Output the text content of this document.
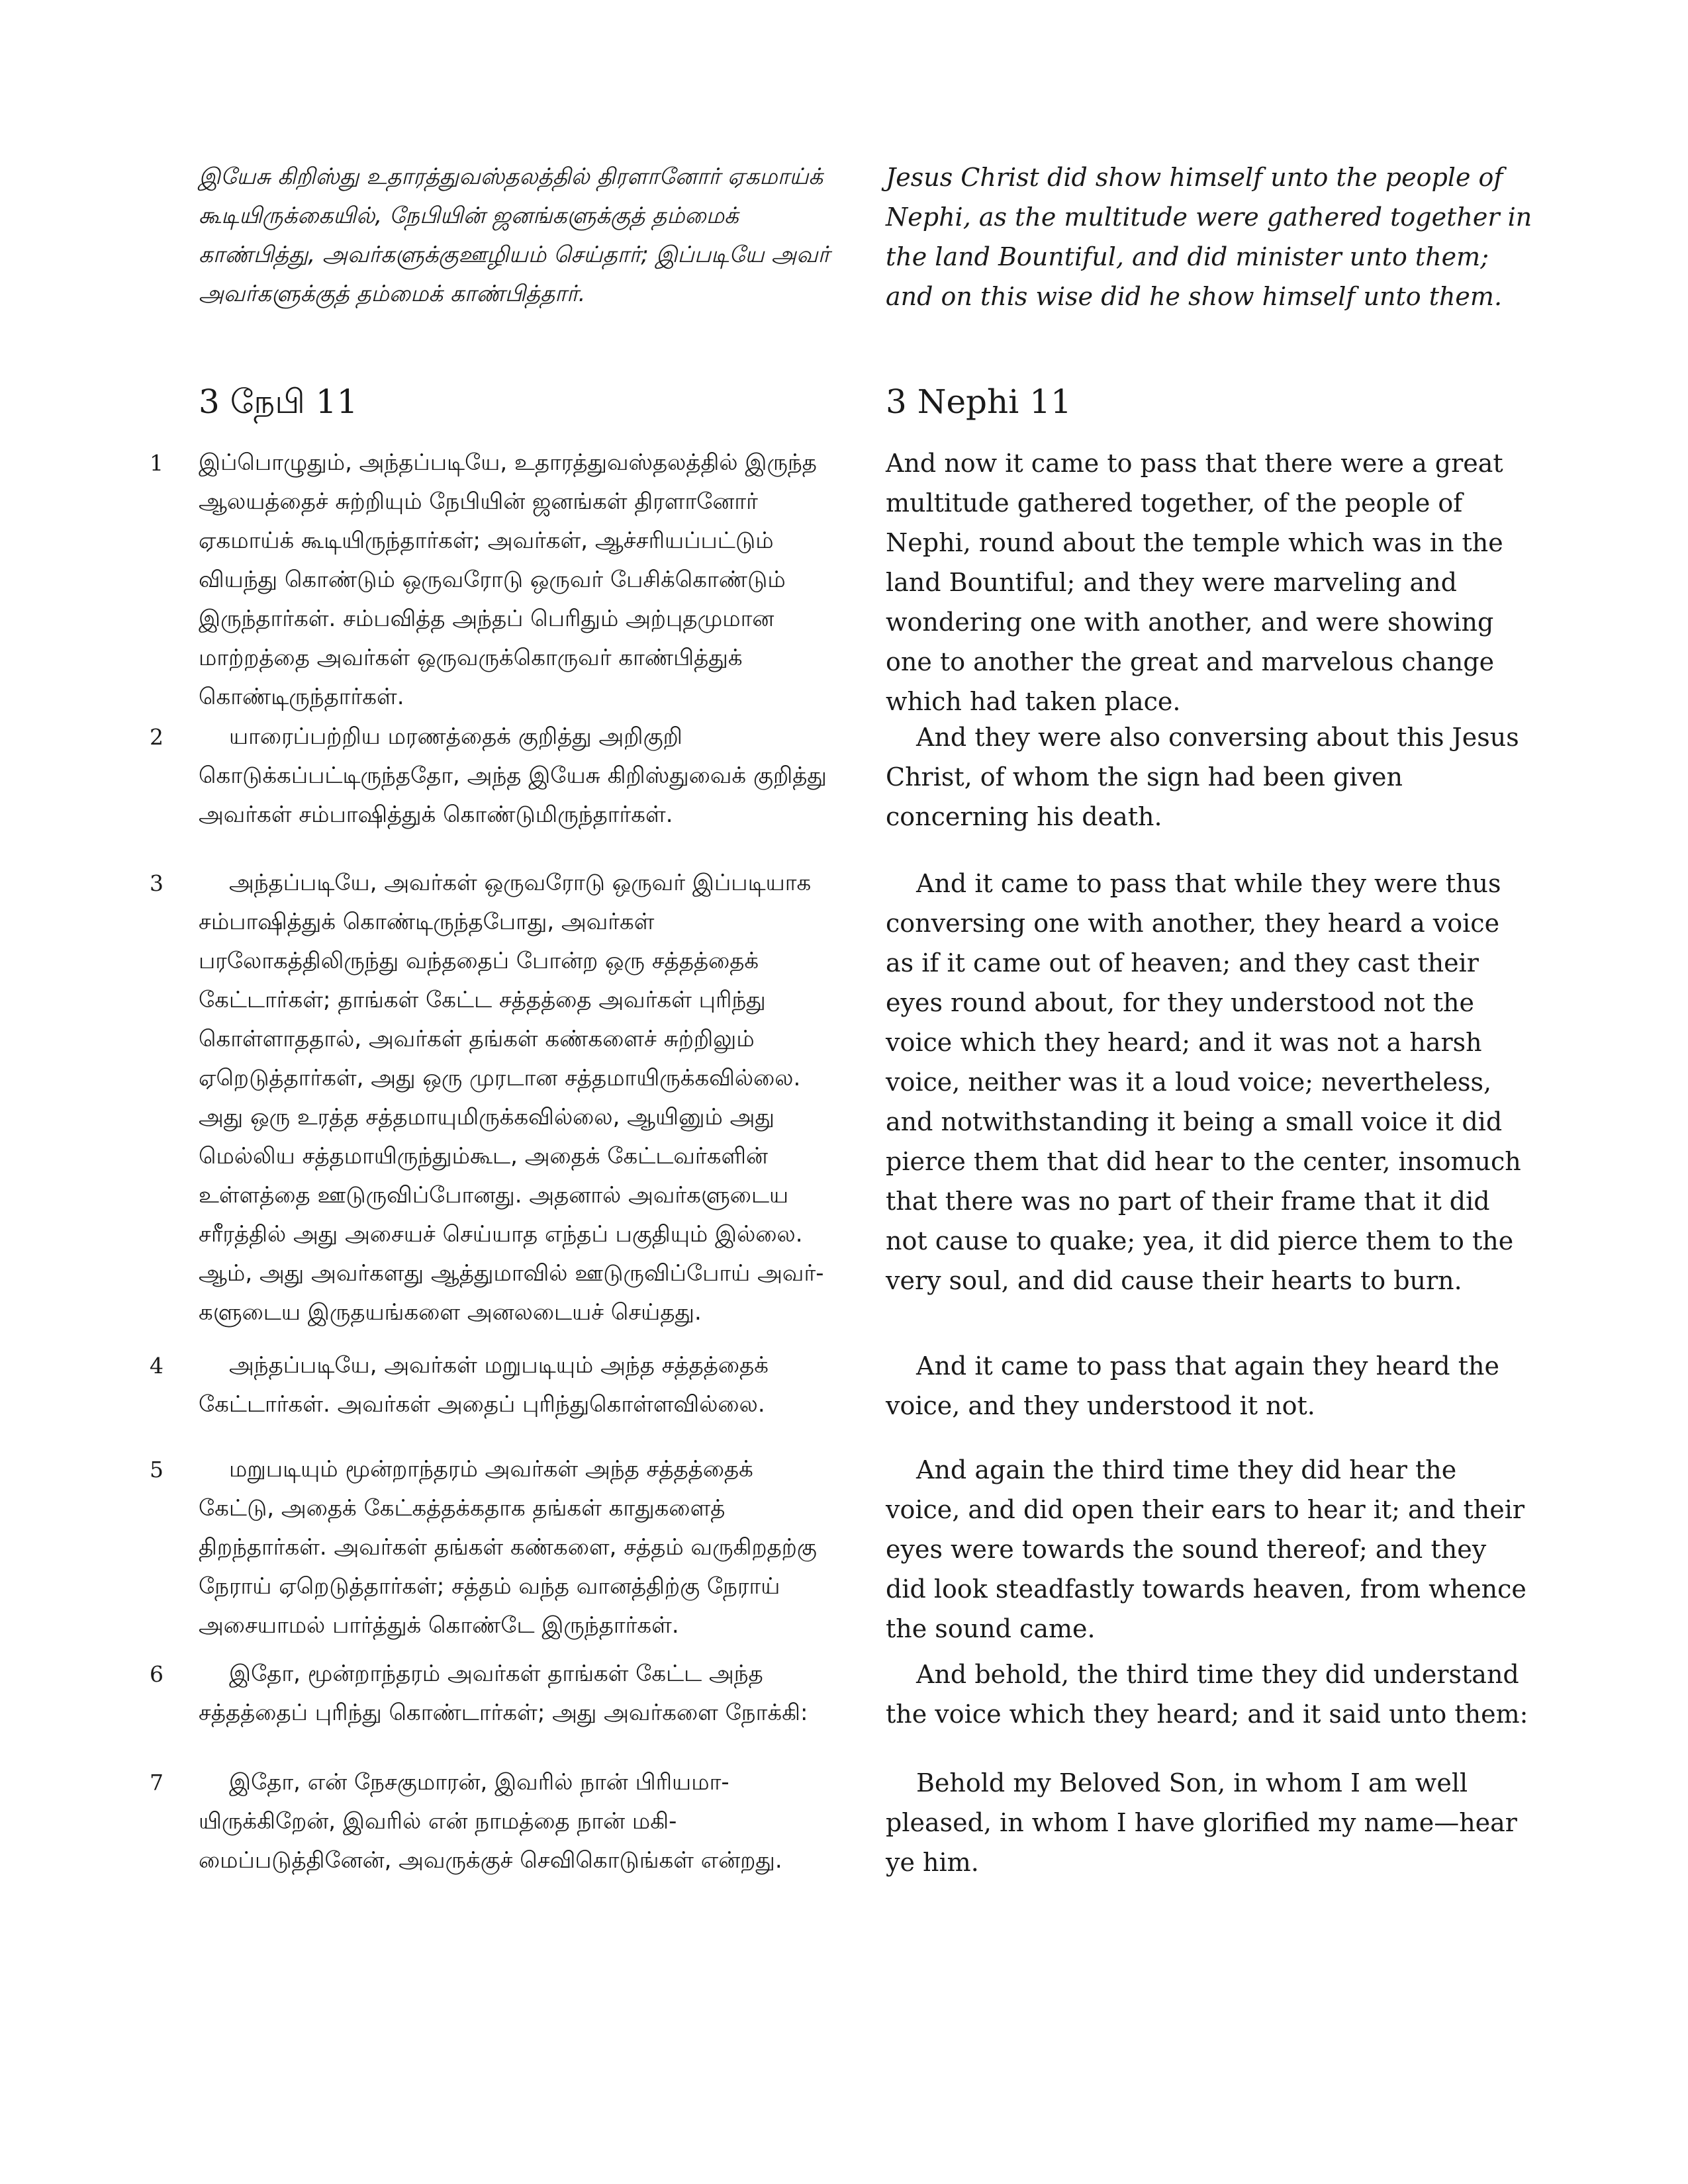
1
2
3
4
5
6
7

இயேசு கிறிஸ்து உதாரத்துவஸ்தலத்தில் திரளானோர் ஏகமாய்க் கூடியிருக்கையில், நேபியின் ஜனங்களுக்குத் தம்மைக் காண்பித்து, அவர்களுக்குஊழியம் செய்தார்; இப்படியே அவர் அவர்களுக்குத் தம்மைக் காண்பித்தார்.

3 நேபி 11

இப்பொழுதும், அந்தப்படியே, உதாரத்துவஸ்தலத்தில் இருந்த ஆலயத்தைச் சுற்றியும் நேபியின் ஜனங்கள் திரளானோர் ஏகமாய்க் கூடியிருந்தார்கள்; அவர்கள், ஆச்சரியப்பட்டும் வியந்து கொண்டும் ஒருவரோடு ஒருவர் பேசிக்கொண்டும் இருந்தார்கள். சம்பவித்த அந்தப் பெரிதும் அற்புதமுமான மாற்றத்தை அவர்கள் ஒருவருக்கொருவர் காண்பித்துக் கொண்டிருந்தார்கள்.

யாரைப்பற்றிய மரணத்தைக் குறித்து அறிகுறி கொடுக்கப்பட்டிருந்ததோ, அந்த இயேசு கிறிஸ்துவைக் குறித்து அவர்கள் சம்பாஷித்துக் கொண்டுமிருந்தார்கள்.

அந்தப்படியே, அவர்கள் ஒருவரோடு ஒருவர் இப்படியாக சம்பாஷித்துக் கொண்டிருந்தபோது, அவர்கள் பரலோகத்திலிருந்து வந்ததைப் போன்ற ஒரு சத்தத்தைக் கேட்டார்கள்; தாங்கள் கேட்ட சத்தத்தை அவர்கள் புரிந்து கொள்ளாததால், அவர்கள் தங்கள் கண்களைச் சுற்றிலும் ஏறெடுத்தார்கள், அது ஒரு முரடான சத்தமாயிருக்கவில்லை. அது ஒரு உரத்த சத்தமாயுமிருக்கவில்லை, ஆயினும் அது மெல்லிய சத்தமாயிருந்தும்கூட, அதைக் கேட்டவர்களின் உள்ளத்தை ஊடுருவிப்போனது. அதனால் அவர்களுடைய சரீரத்தில் அது அசையச் செய்யாத எந்தப் பகுதியும் இல்லை. ஆம், அது அவர்களது ஆத்துமாவில் ஊடுருவிப்போய் அவர்களுடைய இருதயங்களை அனலடையச் செய்தது.

அந்தப்படியே, அவர்கள் மறுபடியும் அந்த சத்தத்தைக் கேட்டார்கள். அவர்கள் அதைப் புரிந்துகொள்ளவில்லை.

மறுபடியும் மூன்றாந்தரம் அவர்கள் அந்த சத்தத்தைக் கேட்டு, அதைக் கேட்கத்தக்கதாக தங்கள் காதுகளைத் திறந்தார்கள். அவர்கள் தங்கள் கண்களை, சத்தம் வருகிறதற்கு நேராய் ஏறெடுத்தார்கள்; சத்தம் வந்த வானத்திற்கு நேராய் அசையாமல் பார்த்துக் கொண்டே இருந்தார்கள்.

இதோ, மூன்றாந்தரம் அவர்கள் தாங்கள் கேட்ட அந்த சத்தத்தைப் புரிந்து கொண்டார்கள்; அது அவர்களை நோக்கி:

இதோ, என் நேசகுமாரன், இவரில் நான் பிரியமாயிருக்கிறேன், இவரில் என் நாமத்தை நான் மகிமைப்படுத்தினேன், அவருக்குச் செவிகொடுங்கள் என்றது.

Jesus Christ did show himself unto the people of Nephi, as the multitude were gathered together in the land Bountiful, and did minister unto them; and on this wise did he show himself unto them.

3 Nephi 11

And now it came to pass that there were a great multitude gathered together, of the people of Nephi, round about the temple which was in the land Bountiful; and they were marveling and wondering one with another, and were showing one to another the great and marvelous change which had taken place.

And they were also conversing about this Jesus Christ, of whom the sign had been given concerning his death.

And it came to pass that while they were thus conversing one with another, they heard a voice as if it came out of heaven; and they cast their eyes round about, for they understood not the voice which they heard; and it was not a harsh voice, neither was it a loud voice; nevertheless, and notwithstanding it being a small voice it did pierce them that did hear to the center, insomuch that there was no part of their frame that it did not cause to quake; yea, it did pierce them to the very soul, and did cause their hearts to burn.

And it came to pass that again they heard the voice, and they understood it not.

And again the third time they did hear the voice, and did open their ears to hear it; and their eyes were towards the sound thereof; and they did look steadfastly towards heaven, from whence the sound came.

And behold, the third time they did understand the voice which they heard; and it said unto them:

Behold my Beloved Son, in whom I am well pleased, in whom I have glorified my name—hear ye him.
